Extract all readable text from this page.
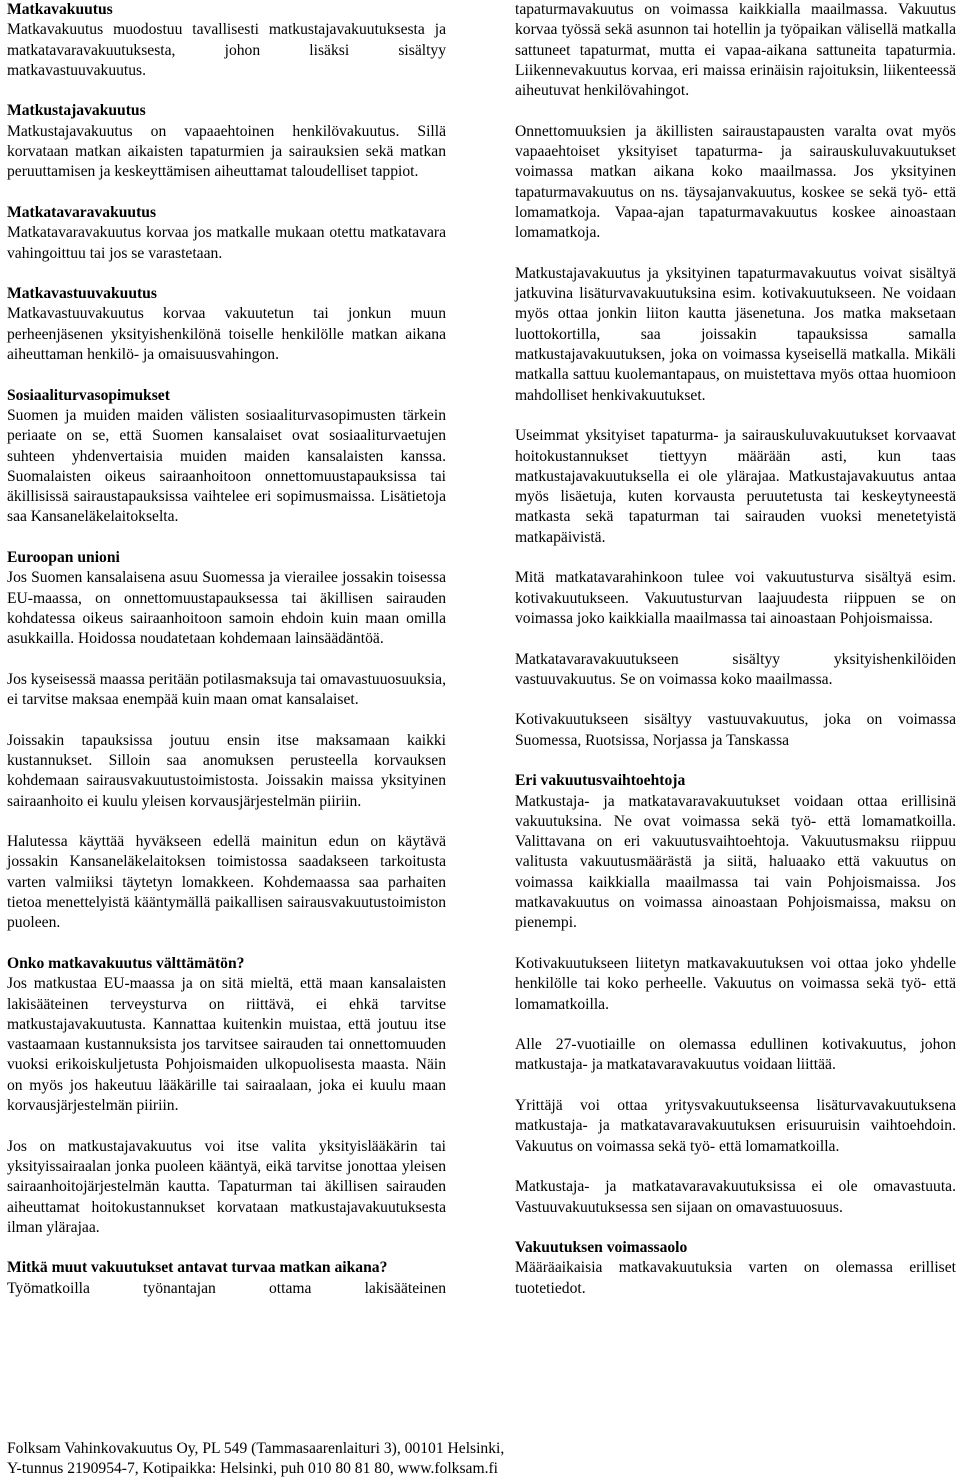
Matkavakuutus

Matkavakuutus muodostuu tavallisesti matkustajavakuutuksesta ja matkatavaravakuutuksesta, johon lisäksi sisältyy matkavastuuvakuutus.

Matkustajavakuutus

Matkustajavakuutus on vapaaehtoinen henkilövakuutus. Sillä korvataan matkan aikaisten tapaturmien ja sairauksien sekä matkan peruuttamisen ja keskeyttämisen aiheuttamat taloudelliset tappiot.

Matkatavaravakuutus

Matkatavaravakuutus korvaa jos matkalle mukaan otettu matkatavara vahingoittuu tai jos se varastetaan.

Matkavastuuvakuutus

Matkavastuuvakuutus korvaa vakuutetun tai jonkun muun perheenjäsenen yksityishenkilönä toiselle henkilölle matkan aikana aiheuttaman henkilö- ja omaisuusvahingon.

Sosiaaliturvasopimukset

Suomen ja muiden maiden välisten sosiaaliturvasopimusten tärkein periaate on se, että Suomen kansalaiset ovat sosiaaliturvaetujen suhteen yhdenvertaisia muiden maiden kansalaisten kanssa. Suomalaisten oikeus sairaanhoitoon onnettomuustapauksissa tai äkillisissä sairaustapauksissa vaihtelee eri sopimusmaissa. Lisätietoja saa Kansaneläkelaitokselta.

Euroopan unioni

Jos Suomen kansalaisena asuu Suomessa ja vierailee jossakin toisessa EU-maassa, on onnettomuustapauksessa tai äkillisen sairauden kohdatessa oikeus sairaanhoitoon samoin ehdoin kuin maan omilla asukkailla. Hoidossa noudatetaan kohdemaan lainsäädäntöä.

Jos kyseisessä maassa peritään potilasmaksuja tai omavastuuosuuksia, ei tarvitse maksaa enempää kuin maan omat kansalaiset.

Joissakin tapauksissa joutuu ensin itse maksamaan kaikki kustannukset. Silloin saa anomuksen perusteella korvauksen kohdemaan sairausvakuutustoimistosta. Joissakin maissa yksityinen sairaanhoito ei kuulu yleisen korvausjärjestelmän piiriin.

Halutessa käyttää hyväkseen edellä mainitun edun on käytävä jossakin Kansaneläkelaitoksen toimistossa saadakseen tarkoitusta varten valmiiksi täytetyn lomakkeen. Kohdemaassa saa parhaiten tietoa menettelyistä kääntymällä paikallisen sairausvakuutustoimiston puoleen.

Onko matkavakuutus välttämätön?

Jos matkustaa EU-maassa ja on sitä mieltä, että maan kansalaisten lakisääteinen terveysturva on riittävä, ei ehkä tarvitse matkustajavakuutusta. Kannattaa kuitenkin muistaa, että joutuu itse vastaamaan kustannuksista jos tarvitsee sairauden tai onnettomuuden vuoksi erikoiskuljetusta Pohjoismaiden ulkopuolisesta maasta. Näin on myös jos hakeutuu lääkärille tai sairaalaan, joka ei kuulu maan korvausjärjestelmän piiriin.

Jos on matkustajavakuutus voi itse valita yksityislääkärin tai yksityissairaalan jonka puoleen kääntyä, eikä tarvitse jonottaa yleisen sairaanhoitojärjestelmän kautta. Tapaturman tai äkillisen sairauden aiheuttamat hoitokustannukset korvataan matkustajavakuutuksesta ilman ylärajaa.

Mitkä muut vakuutukset antavat turvaa matkan aikana?

Työmatkoilla työnantajan ottama lakisääteinen

tapaturmavakuutus on voimassa kaikkialla maailmassa. Vakuutus korvaa työssä sekä asunnon tai hotellin ja työpaikan välisellä matkalla sattuneet tapaturmat, mutta ei vapaa-aikana sattuneita tapaturmia. Liikennevakuutus korvaa, eri maissa erinäisin rajoituksin, liikenteessä aiheutuvat henkilövahingot.

Onnettomuuksien ja äkillisten sairaustapausten varalta ovat myös vapaaehtoiset yksityiset tapaturma- ja sairauskuluvakuutukset voimassa matkan aikana koko maailmassa. Jos yksityinen tapaturmavakuutus on ns. täysajanvakuutus, koskee se sekä työ- että lomamatkoja. Vapaa-ajan tapaturmavakuutus koskee ainoastaan lomamatkoja.

Matkustajavakuutus ja yksityinen tapaturmavakuutus voivat sisältyä jatkuvina lisäturvavakuutuksina esim. kotivakuutukseen. Ne voidaan myös ottaa jonkin liiton kautta jäsenetuna. Jos matka maksetaan luottokortilla, saa joissakin tapauksissa samalla matkustajavakuutuksen, joka on voimassa kyseisellä matkalla. Mikäli matkalla sattuu kuolemantapaus, on muistettava myös ottaa huomioon mahdolliset henkivakuutukset.

Useimmat yksityiset tapaturma- ja sairauskuluvakuutukset korvaavat hoitokustannukset tiettyyn määrään asti, kun taas matkustajavakuutuksella ei ole ylärajaa. Matkustajavakuutus antaa myös lisäetuja, kuten korvausta peruutetusta tai keskeytyneestä matkasta sekä tapaturman tai sairauden vuoksi menetetyistä matkapäivistä.

Mitä matkatavarahinkoon tulee voi vakuutusturva sisältyä esim. kotivakuutukseen. Vakuutusturvan laajuudesta riippuen se on voimassa joko kaikkialla maailmassa tai ainoastaan Pohjoismaissa.

Matkatavaravakuutukseen sisältyy yksityishenkilöiden vastuuvakuutus. Se on voimassa koko maailmassa.

Kotivakuutukseen sisältyy vastuuvakuutus, joka on voimassa Suomessa, Ruotsissa, Norjassa ja Tanskassa

Eri vakuutusvaihtoehtoja

Matkustaja- ja matkatavaravakuutukset voidaan ottaa erillisinä vakuutuksina. Ne ovat voimassa sekä työ- että lomamatkoilla. Valittavana on eri vakuutusvaihtoehtoja. Vakuutusmaksu riippuu valitusta vakuutusmäärästä ja siitä, haluaako että vakuutus on voimassa kaikkialla maailmassa tai vain Pohjoismaissa. Jos matkavakuutus on voimassa ainoastaan Pohjoismaissa, maksu on pienempi.

Kotivakuutukseen liitetyn matkavakuutuksen voi ottaa joko yhdelle henkilölle tai koko perheelle. Vakuutus on voimassa sekä työ- että lomamatkoilla.

Alle 27-vuotiaille on olemassa edullinen kotivakuutus, johon matkustaja- ja matkatavaravakuutus voidaan liittää.

Yrittäjä voi ottaa yritysvakuutukseensa lisäturvavakuutuksena matkustaja- ja matkatavaravakuutuksen erisuuruisin vaihtoehdoin. Vakuutus on voimassa sekä työ- että lomamatkoilla.

Matkustaja- ja matkatavaravakuutuksissa ei ole omavastuuta. Vastuuvakuutuksessa sen sijaan on omavastuuosuus.

Vakuutuksen voimassaolo

Määräaikaisia matkavakuutuksia varten on olemassa erilliset tuotetiedot.

Folksam Vahinkovakuutus Oy, PL 549 (Tammasaarenlaituri 3), 00101 Helsinki,
Y-tunnus 2190954-7, Kotipaikka: Helsinki, puh 010 80 81 80, www.folksam.fi
